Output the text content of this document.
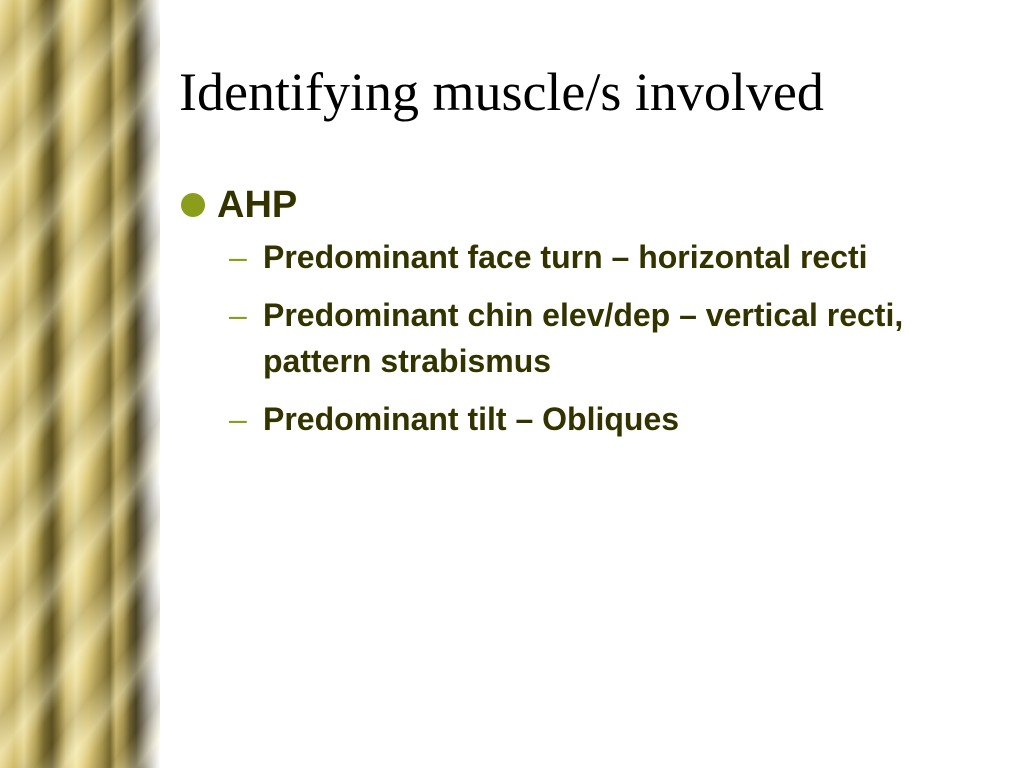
Identifying muscle/s involved
AHP
– Predominant face turn – horizontal recti
– Predominant chin elev/dep – vertical recti, pattern strabismus
– Predominant tilt – Obliques
